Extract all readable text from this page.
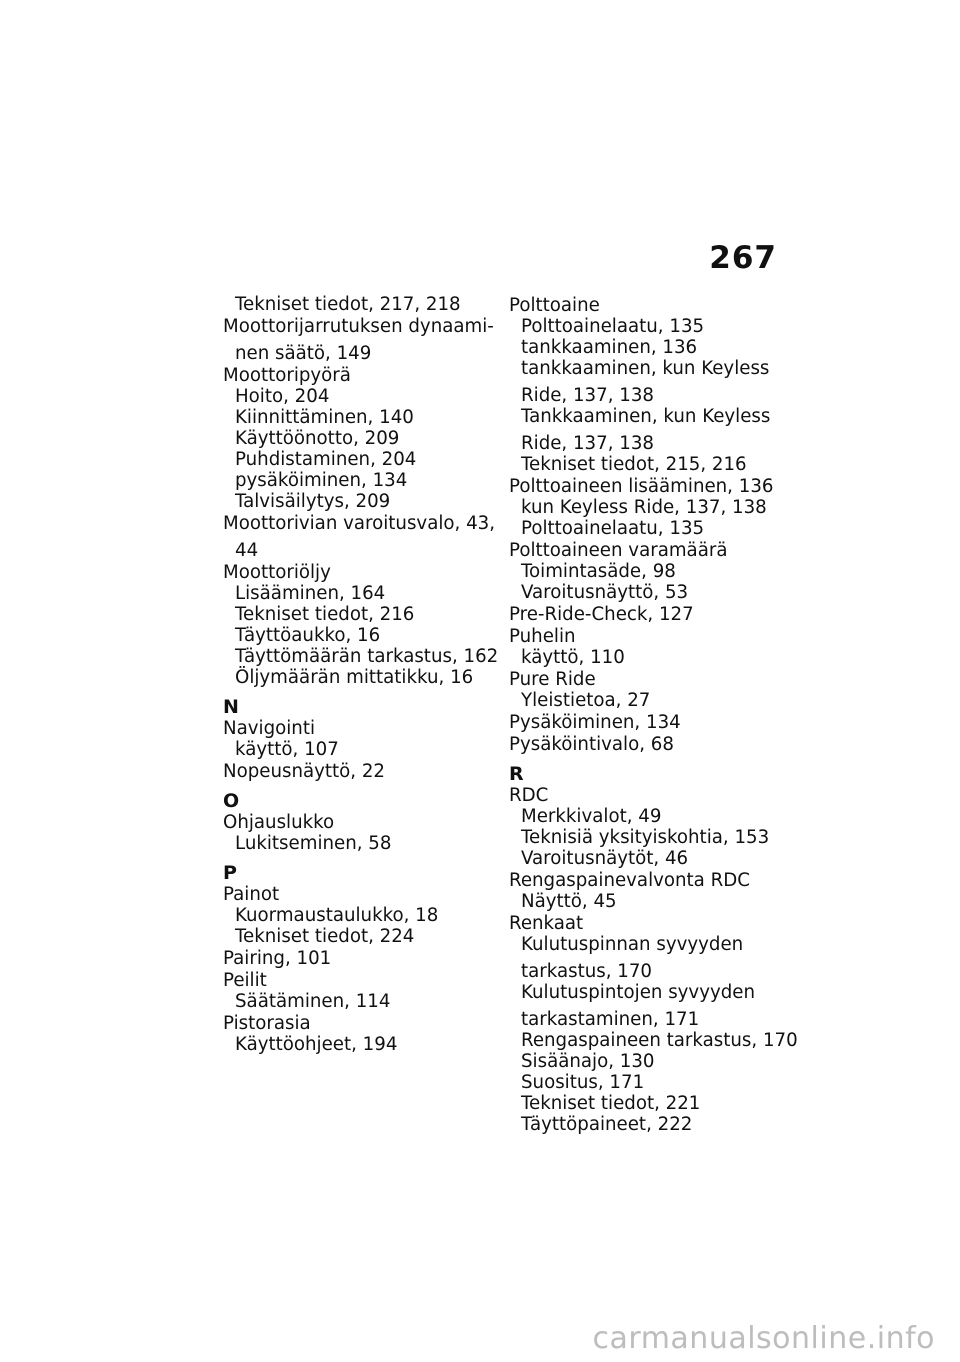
267
Tekniset tiedot, 217, 218
Moottorijarrutuksen dynaami-
nen säätö, 149
Moottoripyörä
Hoito, 204
Kiinnittäminen, 140
Käyttöönotto, 209
Puhdistaminen, 204
pysäköiminen, 134
Talvisäilytys, 209
Moottorivian varoitusvalo, 43,
44
Moottoriöljy
Lisääminen, 164
Tekniset tiedot, 216
Täyttöaukko, 16
Täyttömäärän tarkastus, 162
Öljymäärän mittatikku, 16
N
Navigointi
käyttö, 107
Nopeusnäyttö, 22
O
Ohjauslukko
Lukitseminen, 58
P
Painot
Kuormaustaulukko, 18
Tekniset tiedot, 224
Pairing, 101
Peilit
Säätäminen, 114
Pistorasia
Käyttöohjeet, 194
Polttoaine
Polttoainelaatu, 135
tankkaaminen, 136
tankkaaminen, kun Keyless
Ride, 137, 138
Tankkaaminen, kun Keyless
Ride, 137, 138
Tekniset tiedot, 215, 216
Polttoaineen lisääminen, 136
kun Keyless Ride, 137, 138
Polttoainelaatu, 135
Polttoaineen varamäärä
Toimintasäde, 98
Varoitusnäyttö, 53
Pre-Ride-Check, 127
Puhelin
käyttö, 110
Pure Ride
Yleistietoa, 27
Pysäköiminen, 134
Pysäköintivalo, 68
R
RDC
Merkkivalot, 49
Teknisiä yksityiskohtia, 153
Varoitusnäytöt, 46
Rengaspainevalvonta RDC
Näyttö, 45
Renkaat
Kulutuspinnan syvyyden
tarkastus, 170
Kulutuspintojen syvyyden
tarkastaminen, 171
Rengaspaineen tarkastus, 170
Sisäänajo, 130
Suositus, 171
Tekniset tiedot, 221
Täyttöpaineet, 222
carmanualsonline.info
